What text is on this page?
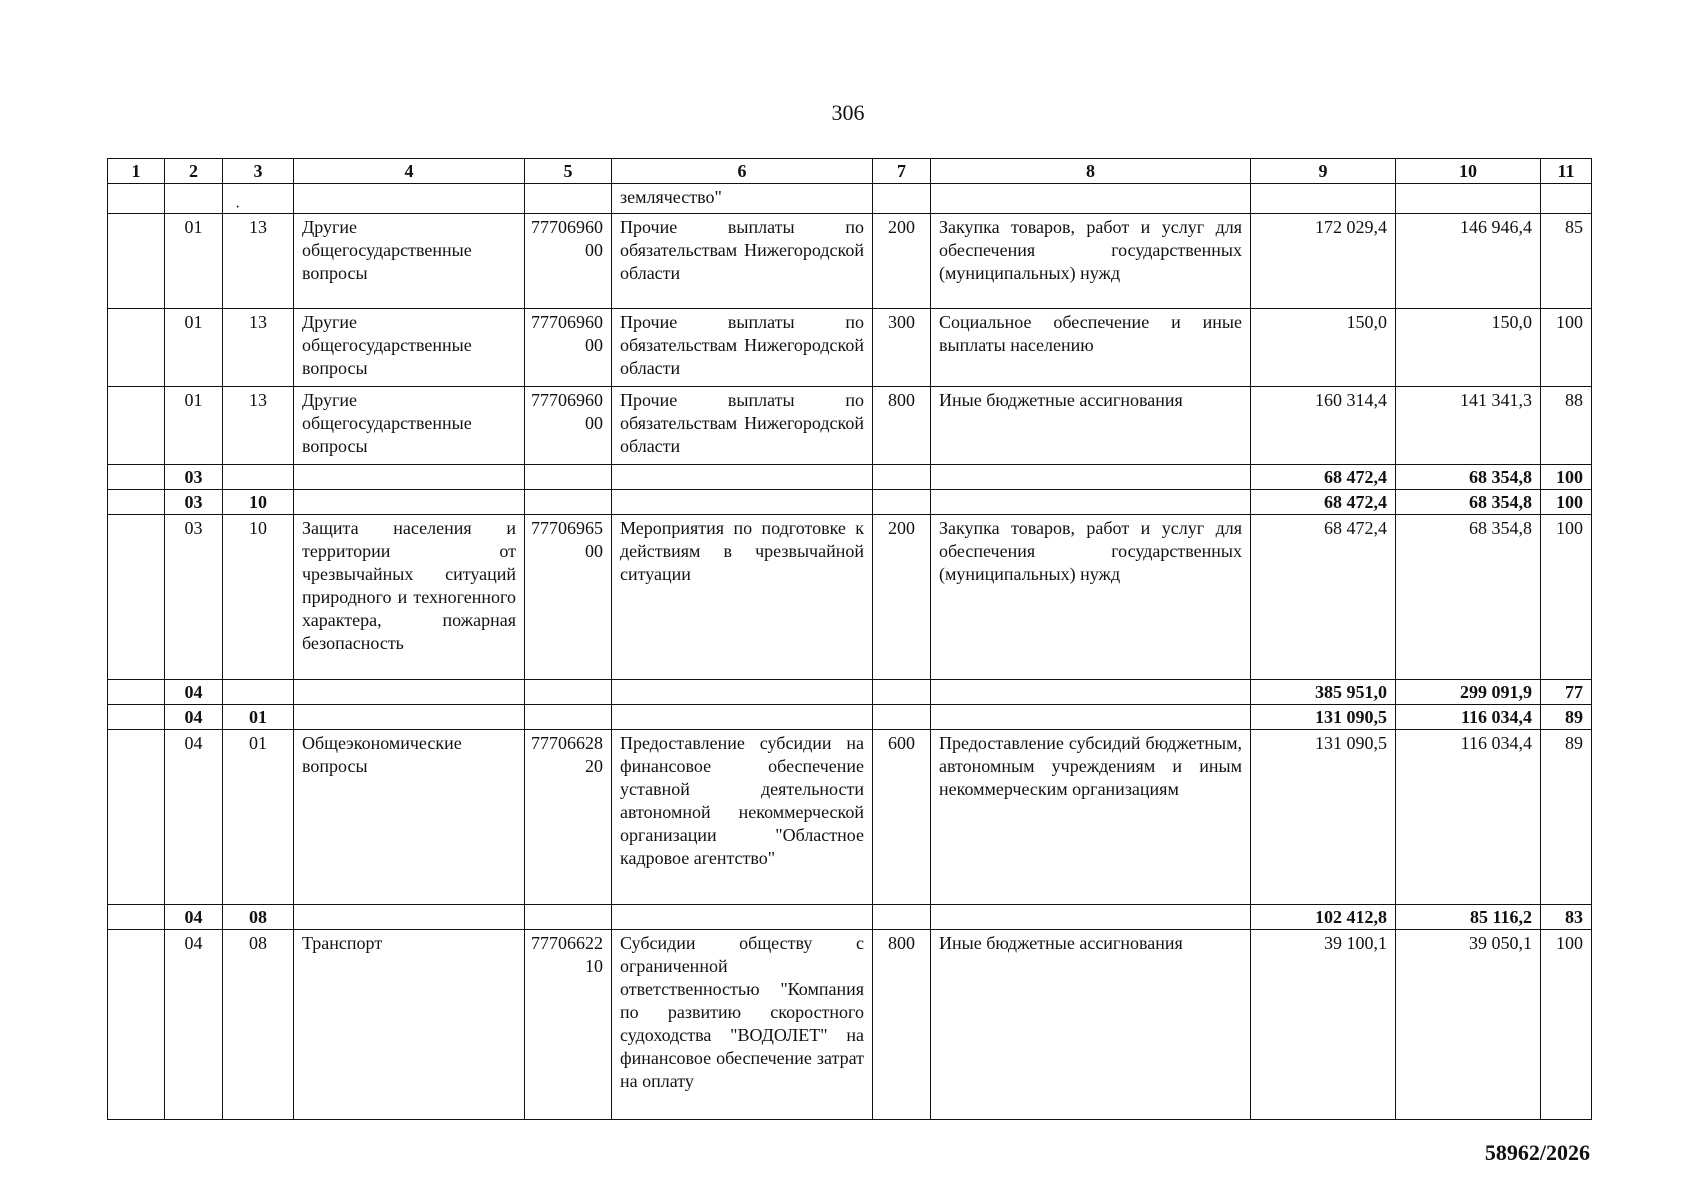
306
1	2	3	4	5	6	7	8	9	10	11

		·			землячество"					
	01	13	Другие общегосударственные вопросы	7770696000	Прочие выплаты по обязательствам Нижегородской области	200	Закупка товаров, работ и услуг для обеспечения государственных (муниципальных) нужд	172 029,4	146 946,4	85
	01	13	Другие общегосударственные вопросы	7770696000	Прочие выплаты по обязательствам Нижегородской области	300	Социальное обеспечение и иные выплаты населению	150,0	150,0	100
	01	13	Другие общегосударственные вопросы	7770696000	Прочие выплаты по обязательствам Нижегородской области	800	Иные бюджетные ассигнования	160 314,4	141 341,3	88
	03							68 472,4	68 354,8	100
	03	10						68 472,4	68 354,8	100
	03	10	Защита населения и территории от чрезвычайных ситуаций природного и техногенного характера, пожарная безопасность	7770696500	Мероприятия по подготовке к действиям в чрезвычайной ситуации	200	Закупка товаров, работ и услуг для обеспечения государственных (муниципальных) нужд	68 472,4	68 354,8	100
	04							385 951,0	299 091,9	77
	04	01						131 090,5	116 034,4	89
	04	01	Общеэкономические вопросы	7770662820	Предоставление субсидии на финансовое обеспечение уставной деятельности автономной некоммерческой организации "Областное кадровое агентство"	600	Предоставление субсидий бюджетным, автономным учреждениям и иным некоммерческим организациям	131 090,5	116 034,4	89
	04	08						102 412,8	85 116,2	83
	04	08	Транспорт	7770662210	Субсидии обществу с ограниченной ответственностью "Компания по развитию скоростного судоходства "ВОДОЛЕТ" на финансовое обеспечение затрат на оплату	800	Иные бюджетные ассигнования	39 100,1	39 050,1	100
58962/2026
